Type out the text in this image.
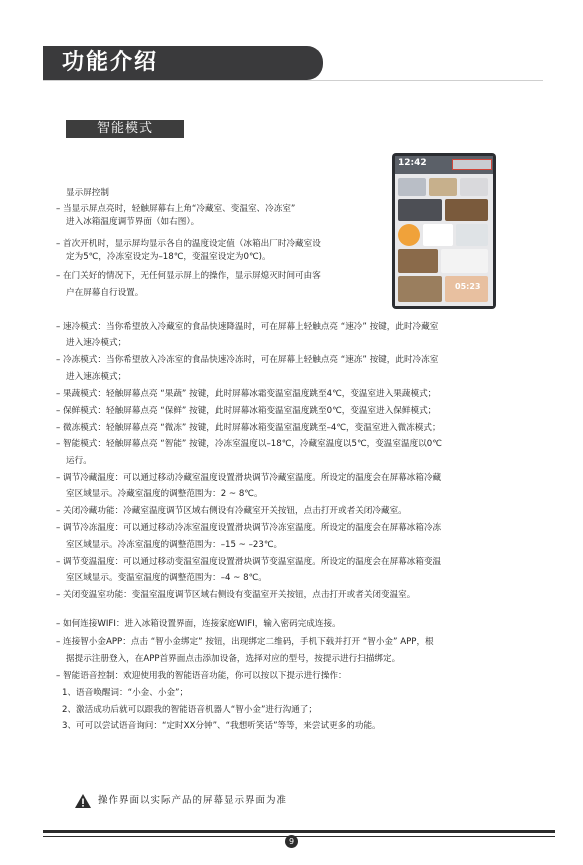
功能介绍
智能模式
显示屏控制
– 当显示屏点亮时，轻触屏幕右上角“冷藏室、变温室、冷冻室”
进入冰箱温度调节界面（如右图）。
– 首次开机时，显示屏均显示各自的温度设定值（冰箱出厂时冷藏室设
定为5℃，冷冻室设定为–18℃，变温室设定为0℃)。
– 在门关好的情况下，无任何显示屏上的操作，显示屏熄灭时间可由客
户在屏幕自行设置。
12:42
05:23
– 速冷模式：当你希望放入冷藏室的食品快速降温时，可在屏幕上轻触点亮 “速冷” 按键，此时冷藏室
进入速冷模式；
– 冷冻模式：当你希望放入冷冻室的食品快速冷冻时，可在屏幕上轻触点亮 “速冻” 按键，此时冷冻室
进入速冻模式；
– 果蔬模式：轻触屏幕点亮 “果蔬” 按键，此时屏幕冰霜变温室温度跳至4℃，变温室进入果蔬模式；
– 保鲜模式：轻触屏幕点亮 “保鲜” 按键，此时屏幕冰箱变温室温度跳至0℃，变温室进入保鲜模式；
– 微冻模式：轻触屏幕点亮 “微冻” 按键，此时屏幕冰箱变温室温度跳至–4℃，变温室进入微冻模式；
– 智能模式：轻触屏幕点亮 “智能” 按键，冷冻室温度以–18℃，冷藏室温度以5℃，变温室温度以0℃
运行。
– 调节冷藏温度：可以通过移动冷藏室温度设置滑块调节冷藏室温度。所设定的温度会在屏幕冰箱冷藏
室区域显示。冷藏室温度的调整范围为：2 ~ 8℃。
– 关闭冷藏功能：冷藏室温度调节区域右侧设有冷藏室开关按钮，点击打开或者关闭冷藏室。
– 调节冷冻温度：可以通过移动冷冻室温度设置滑块调节冷冻室温度。所设定的温度会在屏幕冰箱冷冻
室区域显示。冷冻室温度的调整范围为：–15 ~ –23℃。
– 调节变温温度：可以通过移动变温室温度设置滑块调节变温室温度。所设定的温度会在屏幕冰箱变温
室区域显示。变温室温度的调整范围为：–4 ~ 8℃。
– 关闭变温室功能：变温室温度调节区域右侧设有变温室开关按钮，点击打开或者关闭变温室。
– 如何连接WIFI：进入冰箱设置界面，连接家庭WIFI，输入密码完成连接。
– 连接智小金APP：点击 “智小金绑定” 按钮，出现绑定二维码，手机下载并打开 “智小金” APP，根
据提示注册登入，在APP首界面点击添加设备，选择对应的型号，按提示进行扫描绑定。
– 智能语音控制：欢迎使用我的智能语音功能，你可以按以下提示进行操作：
1、语音唤醒词：“小金、小金”；
2、激活成功后就可以跟我的智能语音机器人“智小金”进行沟通了；
3、可可以尝试语音询问：“定时XX分钟”、“我想听笑话”等等，来尝试更多的功能。
操作界面以实际产品的屏幕显示界面为准
9
